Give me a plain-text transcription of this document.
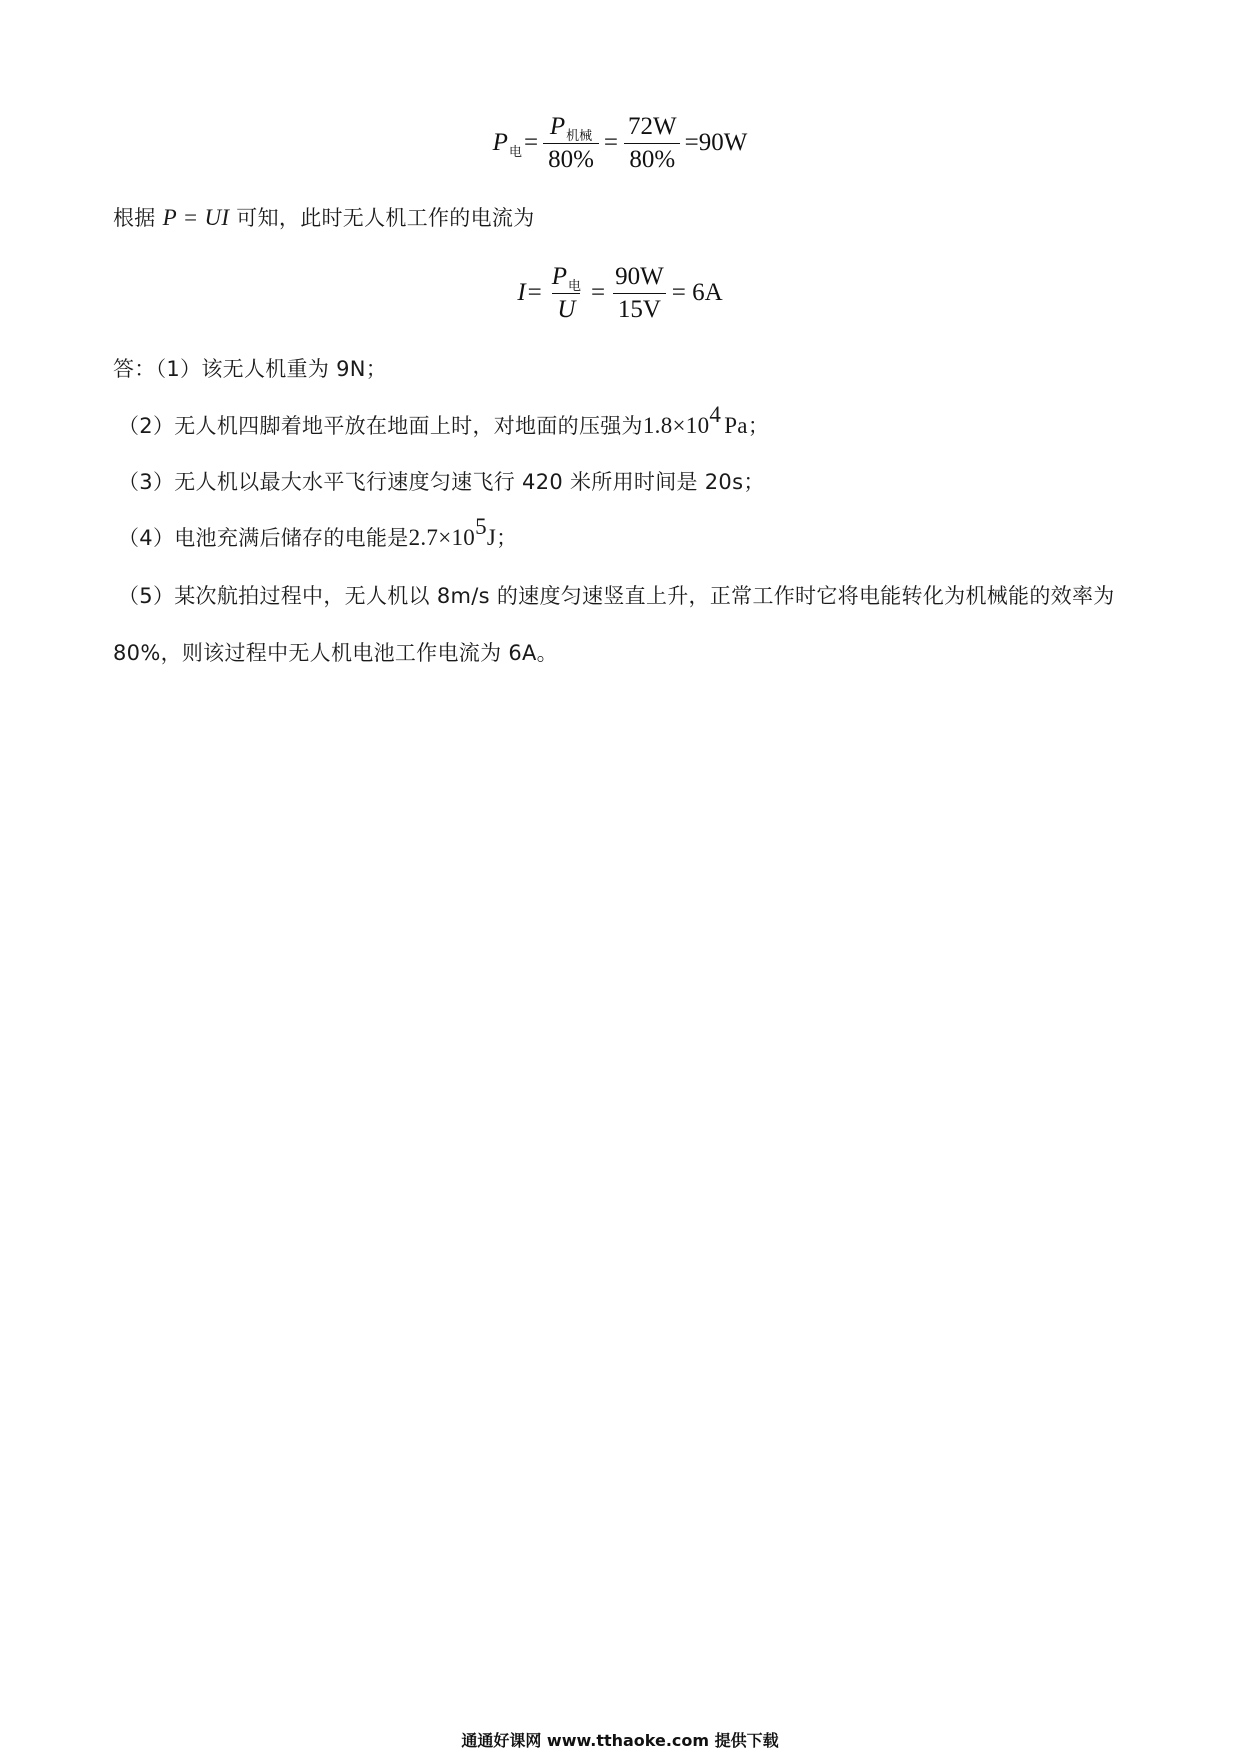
$P_电 = \frac{P_{机械}}{80\%} = \frac{72W}{80\%} =90W$
根据 P = UI 可知，此时无人机工作的电流为
$I = \frac{P_电}{U} = \frac{90W}{15V} = 6A$
答：（1）该无人机重为 9N；
（2）无人机四脚着地平放在地面上时，对地面的压强为1.8×104 Pa；
（3）无人机以最大水平飞行速度匀速飞行 420 米所用时间是 20s；
（4）电池充满后储存的电能是2.7×105J；
（5）某次航拍过程中，无人机以 8m/s 的速度匀速竖直上升，正常工作时它将电能转化为机械能的效率为
80%，则该过程中无人机电池工作电流为 6A。
通通好课网 www.tthaoke.com 提供下载
